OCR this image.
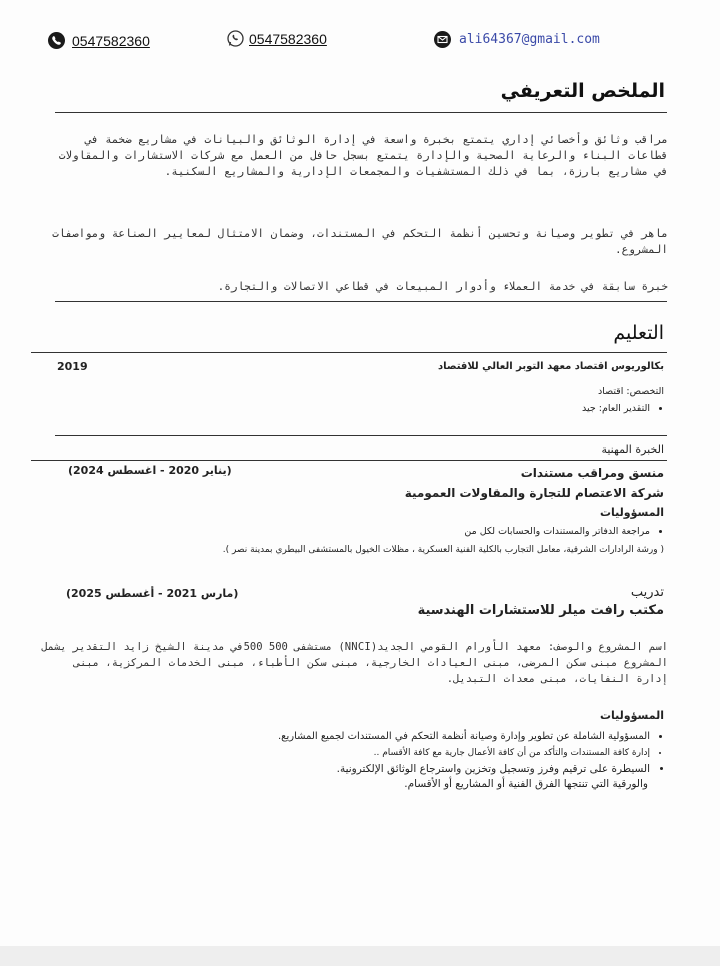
0547582360	0547582360	ali64367@gmail.com
الملخص التعريفي
مراقب وثائق وأخصائي إداري يتمتع بخبرة واسعة في إدارة الوثائق والبيانات في مشاريع ضخمة في قطاعات البناء والرعاية الصحية والإدارة يتمتع بسجل حافل من العمل مع شركات الاستشارات والمقاولات في مشاريع بارزة، بما في ذلك المستشفيات والمجمعات الإدارية والمشاريع السكنية.
ماهر في تطوير وصيانة وتحسين أنظمة التحكم في المستندات، وضمان الامتثال لمعايير الصناعة ومواصفات المشروع.
خبرة سابقة في خدمة العملاء وأدوار المبيعات في قطاعي الاتصالات والتجارة.
التعليم
بكالوريوس اقتصاد معهد التوبر العالي للاقتصاد
2019
التخصص: اقتصاد
• التقدير العام: جيد
الخبرة المهنية
منسق ومراقب مستندات
(يناير 2020 - اغسطس 2024)
شركة الاعتصام للتجارة والمقاولات العمومية
المسؤوليات
• مراجعة الدفاتر والمستندات والحسابات لكل من
( ورشة الرادارات الشرقية، معامل التجارب بالكلية الفنية العسكرية ، مظلات الخيول بالمستشفى البيطري بمدينة نصر ).
تدريب
(مارس 2021 - أغسطس 2025)
مكتب رافت ميلر للاستشارات الهندسية
اسم المشروع والوصف: معهد الأورام القومي الجديد(NNCI) مستشفى 500 500في مدينة الشيخ زايد التقدير يشمل المشروع مبنى سكن المرضى، مبنى العيادات الخارجية، مبنى سكن الأطباء، مبنى الخدمات المركزية، مبنى إدارة النفايات، مبنى معدات التبديل.
المسؤوليات
• المسؤولية الشاملة عن تطوير وإدارة وصيانة أنظمة التحكم في المستندات لجميع المشاريع.
• إدارة كافة المستندات والتأكد من أن كافة الأعمال جارية مع كافة الأقسام ..
• السيطرة على ترقيم وفرز وتسجيل وتخزين واسترجاع الوثائق الإلكترونية.
والورقية التي تنتجها الفرق الفنية أو المشاريع أو الأقسام.
